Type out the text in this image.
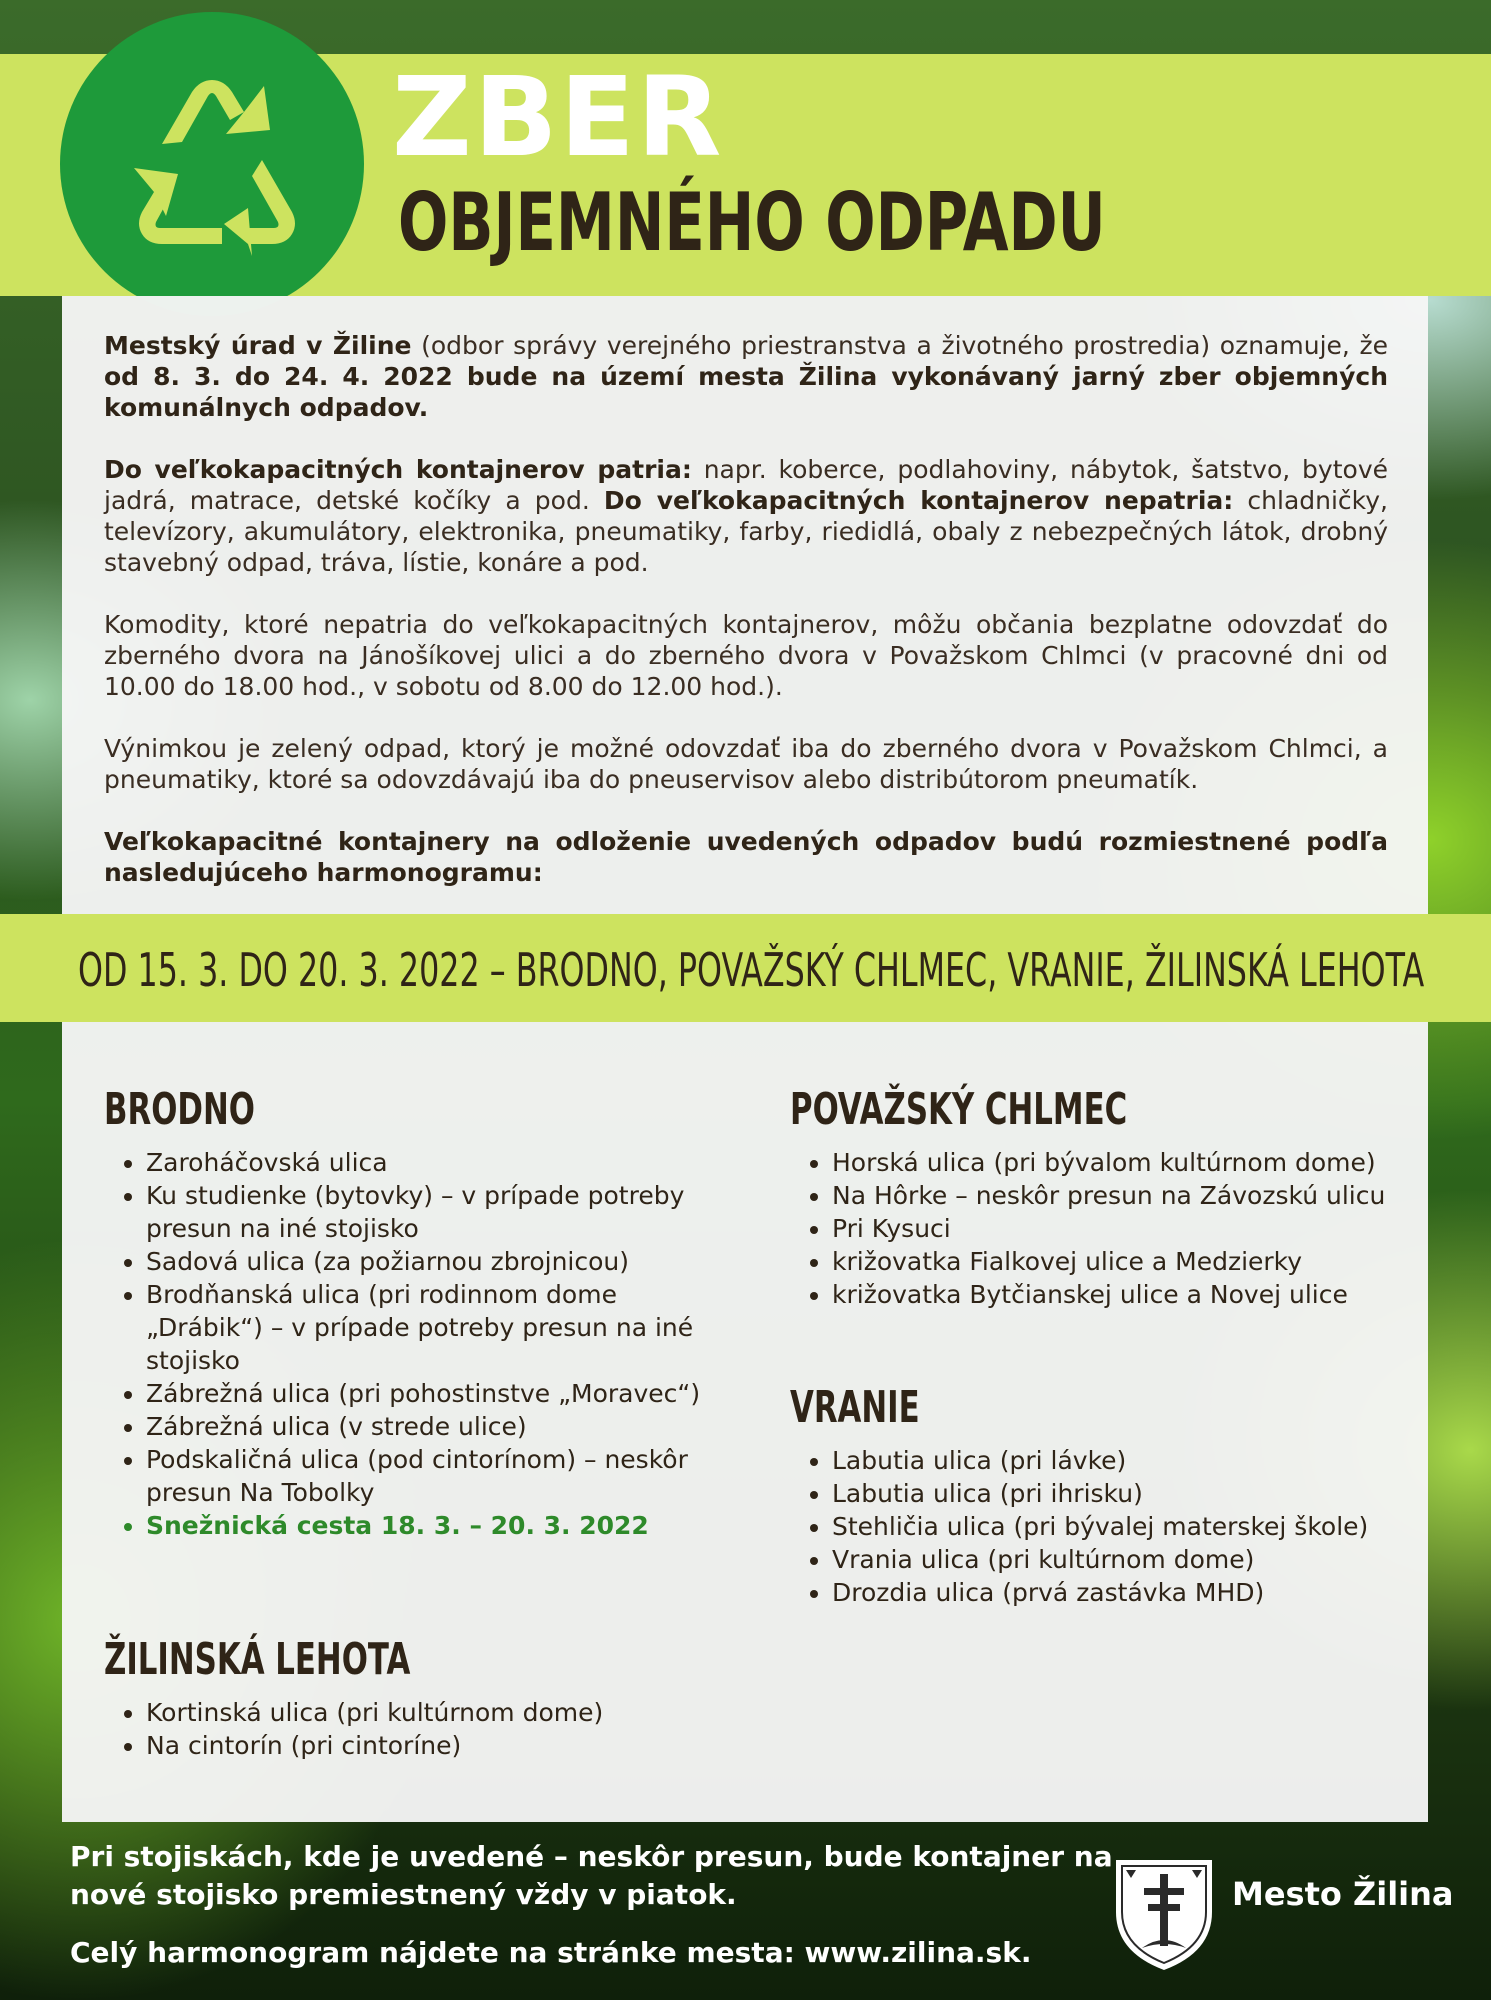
ZBER
OBJEMNÉHO ODPADU

Mestský úrad v Žiline (odbor správy verejného priestranstva a životného prostredia) oznamuje, že od 8. 3. do 24. 4. 2022 bude na území mesta Žilina vykonávaný jarný zber objemných komunálnych odpadov.

Do veľkokapacitných kontajnerov patria: napr. koberce, podlahoviny, nábytok, šatstvo, bytové jadrá, matrace, detské kočíky a pod. Do veľkokapacitných kontajnerov nepatria: chladničky, televízory, akumulátory, elektronika, pneumatiky, farby, riedidlá, obaly z nebezpečných látok, drobný stavebný odpad, tráva, lístie, konáre a pod.

Komodity, ktoré nepatria do veľkokapacitných kontajnerov, môžu občania bezplatne odovzdať do zberného dvora na Jánošíkovej ulici a do zberného dvora v Považskom Chlmci (v pracovné dni od 10.00 do 18.00 hod., v sobotu od 8.00 do 12.00 hod.).

Výnimkou je zelený odpad, ktorý je možné odovzdať iba do zberného dvora v Považskom Chlmci, a pneumatiky, ktoré sa odovzdávajú iba do pneuservisov alebo distribútorom pneumatík.

Veľkokapacitné kontajnery na odloženie uvedených odpadov budú rozmiestnené podľa nasledujúceho harmonogramu:

OD 15. 3. DO 20. 3. 2022 – BRODNO, POVAŽSKÝ CHLMEC, VRANIE, ŽILINSKÁ LEHOTA
BRODNO
• Zaroháčovská ulica
• Ku studienke (bytovky) – v prípade potreby presun na iné stojisko
• Sadová ulica (za požiarnou zbrojnicou)
• Brodňanská ulica (pri rodinnom dome „Drábik“) – v prípade potreby presun na iné stojisko
• Zábrežná ulica (pri pohostinstve „Moravec“)
• Zábrežná ulica (v strede ulice)
• Podskaličná ulica (pod cintorínom) – neskôr presun Na Tobolky
• Snežnická cesta 18. 3. – 20. 3. 2022
POVAŽSKÝ CHLMEC
• Horská ulica (pri bývalom kultúrnom dome)
• Na Hôrke – neskôr presun na Závozskú ulicu
• Pri Kysuci
• križovatka Fialkovej ulice a Medzierky
• križovatka Bytčianskej ulice a Novej ulice
VRANIE
• Labutia ulica (pri lávke)
• Labutia ulica (pri ihrisku)
• Stehličia ulica (pri bývalej materskej škole)
• Vrania ulica (pri kultúrnom dome)
• Drozdia ulica (prvá zastávka MHD)
ŽILINSKÁ LEHOTA
• Kortinská ulica (pri kultúrnom dome)
• Na cintorín (pri cintoríne)
Pri stojiskách, kde je uvedené – neskôr presun, bude kontajner na
nové stojisko premiestnený vždy v piatok.
Celý harmonogram nájdete na stránke mesta: www.zilina.sk.
Mesto Žilina
